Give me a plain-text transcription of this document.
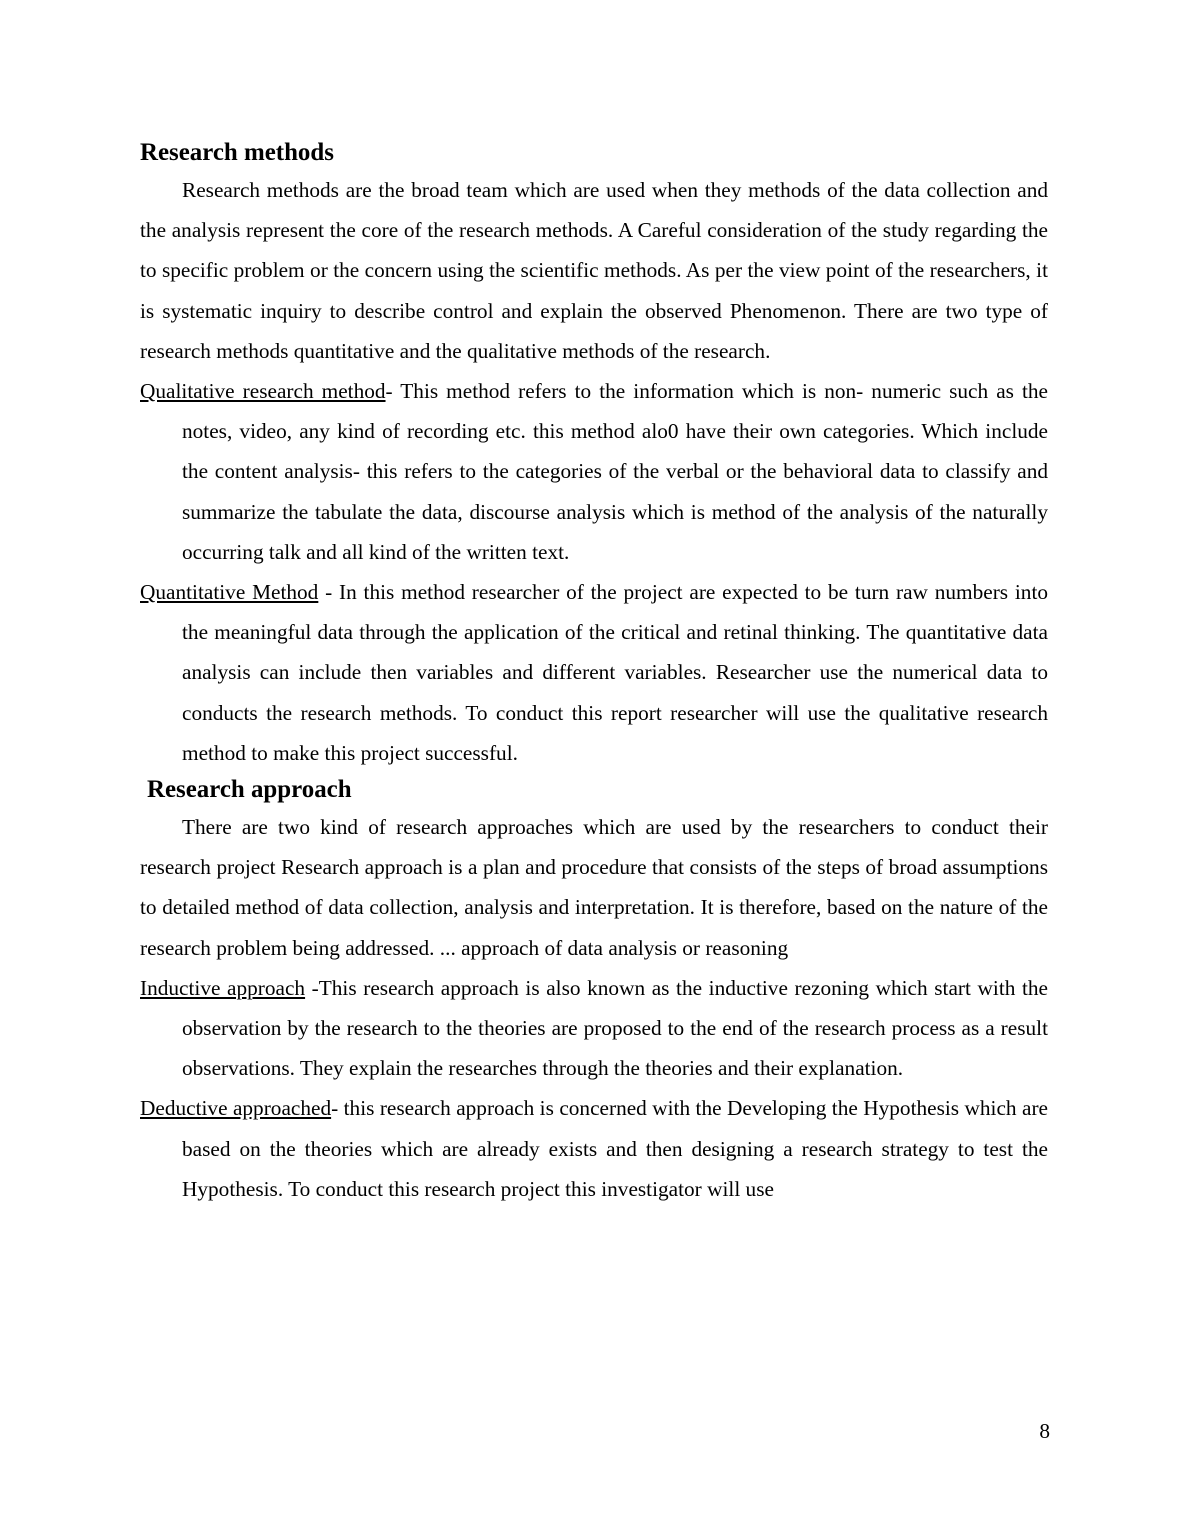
Research methods

Research methods are the broad team which are used when they methods of the data collection and the analysis represent the core of the research methods. A Careful consideration of the study regarding the to specific problem or the concern using the scientific methods. As per the view point of the researchers, it is systematic inquiry to describe control and explain the observed Phenomenon. There are two type of research methods quantitative and the qualitative methods of the research.

Qualitative research method- This method refers to the information which is non- numeric such as the notes, video, any kind of recording etc. this method alo0 have their own categories. Which include the content analysis- this refers to the categories of the verbal or the behavioral data to classify and summarize the tabulate the data, discourse analysis which is method of the analysis of the naturally occurring talk and all kind of the written text.

Quantitative Method - In this method researcher of the project are expected to be turn raw numbers into the meaningful data through the application of the critical and retinal thinking. The quantitative data analysis can include then variables and different variables. Researcher use the numerical data to conducts the research methods. To conduct this report researcher will use the qualitative research method to make this project successful.

Research approach

There are two kind of research approaches which are used by the researchers to conduct their research project Research approach is a plan and procedure that consists of the steps of broad assumptions to detailed method of data collection, analysis and interpretation. It is therefore, based on the nature of the research problem being addressed. ... approach of data analysis or reasoning

Inductive approach -This research approach is also known as the inductive rezoning which start with the observation by the research to the theories are proposed to the end of the research process as a result observations. They explain the researches through the theories and their explanation.

Deductive approached- this research approach is concerned with the Developing the Hypothesis which are based on the theories which are already exists and then designing a research strategy to test the Hypothesis. To conduct this research project this investigator will use

8
